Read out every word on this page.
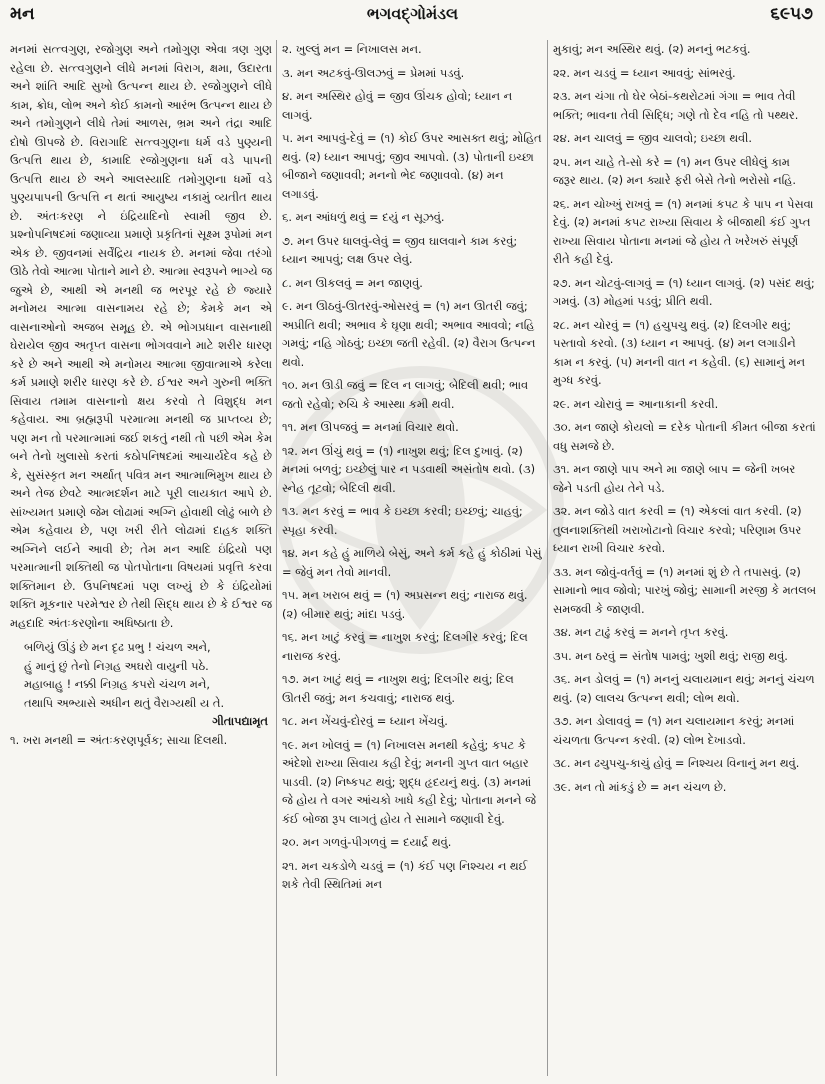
ભગવદ્ગોમંડલ
મન	૬૯૫૭

મનમાં સત્ત્વગુણ, રજોગુણ અને તમોગુણ એવા ત્રણ ગુણ રહેલા છે. સત્ત્વગુણને લીધે મનમાં વિરાગ, ક્ષમા, ઉદારતા અને શાંતિ આદિ સુખો ઉત્પન્ન થાય છે. રજોગુણને લીધે કામ, ક્રોધ, લોભ અને કોઈ કામનો આરંભ ઉત્પન્ન થાય છે અને તમોગુણને લીધે તેમાં આળસ, ભ્રમ અને તંદ્રા આદિ દોષો ઊપજે છે. વિરાગાદિ સત્ત્વગુણના ધર્મ વડે પુણ્યની ઉત્પત્તિ થાય છે, કામાદિ રજોગુણના ધર્મ વડે પાપની ઉત્પત્તિ થાય છે અને આલસ્યાદિ તમોગુણના ધર્મો વડે પુણ્યપાપની ઉત્પત્તિ ન થતાં આયુષ્ય નકામું વ્યતીત થાય છે. અંતઃકરણ ને ઇંદ્રિયાદિનો સ્વામી જીવ છે. પ્રશ્નોપનિષદમાં જણાવ્યા પ્રમાણે પ્રકૃતિનાં સૂક્ષ્મ રૂપોમાં મન એક છે. જીવનમાં સર્વેંદ્રિય નાયક છે. મનમાં જેવા તરંગો ઊઠે તેવો આત્મા પોતાને માને છે. આત્મા સ્વરૂપને ભાગ્યે જ જુએ છે, આથી એ મનથી જ ભરપૂર રહે છે જ્યારે મનોમય આત્મા વાસનામય રહે છે; કેમકે મન એ વાસનાઓનો અજબ સમૂહ છે. એ ભોગપ્રધાન વાસનાથી ઘેરાયેલ જીવ અતૃપ્ત વાસના ભોગવવાને માટે શરીર ધારણ કરે છે અને આથી એ મનોમય આત્મા જીવાત્માએ કરેલા કર્મ પ્રમાણે શરીર ધારણ કરે છે. ઈશ્વર અને ગુરુની ભક્તિ સિવાય તમામ વાસનાનો ક્ષય કરવો તે વિશુદ્ધ મન કહેવાય. આ બ્રહ્મરૂપી પરમાત્મા મનથી જ પ્રાપ્તવ્ય છે; પણ મન તો પરમાત્મામાં જઈ શકતું નથી તો પછી એમ કેમ બને તેનો ખુલાસો કરતાં કઠોપનિષદમાં આચાર્યદેવ કહે છે કે, સુસંસ્કૃત મન અર્થાત્ પવિત્ર મન આત્માભિમુખ થાય છે અને તેજ છેવટે આત્મદર્શન માટે પૂરી લાયકાત આપે છે. સાંખ્યમત પ્રમાણે જેમ લોઢામાં અગ્નિ હોવાથી લોઢું બાળે છે એમ કહેવાય છે, પણ ખરી રીતે લોઢામાં દાહક શક્તિ અગ્નિને લઈને આવી છે; તેમ મન આદિ ઇંદ્રિયો પણ પરમાત્માની શક્તિથી જ પોતપોતાના વિષયમાં પ્રવૃત્તિ કરવા શક્તિમાન છે. ઉપનિષદમાં પણ લખ્યું છે કે ઇંદ્રિયોમાં શક્તિ મૂકનાર પરમેશ્વર છે તેથી સિદ્ધ થાય છે કે ઈશ્વર જ મહદાદિ અંતઃકરણોના અધિષ્ઠાતા છે.

બળિયું ઊંડું છે મન દૃઢ પ્રભુ ! ચંચળ અને,
હું માનું છું તેનો નિગ્રહ અઘરો વાયુની પઠે.
મહાબાહુ ! નક્કી નિગ્રહ કપરો ચંચળ મને,
તથાપિ અભ્યાસે અધીન થતું વૈરાગ્યથી ય તે.
ગીતાપદ્યામૃત
૧. ખરા મનથી = અંતઃકરણપૂર્વક; સાચા દિલથી.
૨. ખુલ્લું મન = નિખાલસ મન.
૩. મન અટકવું-ઊલઝવું = પ્રેમમાં પડવું.
૪. મન અસ્થિર હોવું = જીવ ઊંચક હોવો; ધ્યાન ન લાગવું.
૫. મન આપવું-દેવું = (૧) કોઈ ઉપર આસક્ત થવું; મોહિત થવું. (૨) ધ્યાન આપવું; જીવ આપવો. (૩) પોતાની ઇચ્છા બીજાને જણાવવી; મનનો ભેદ જણાવવો. (૪) મન લગાડવું.
૬. મન આંધળું થવું = દયું ન સૂઝવું.
૭. મન ઉપર ધાલવું-લેવું = જીવ ઘાલવાને કામ કરવું; ધ્યાન આપવું; લક્ષ ઉપર લેવું.
૮. મન ઊકલવું = મન જાણવું.
૯. મન ઊઠવું-ઊતરવું-ઓસરવું = (૧) મન ઊતરી જવું; અપ્રીતિ થવી; અભાવ કે ઘૃણા થવી; અભાવ આવવો; નહિ ગમવું; નહિ ગોઠવું; ઇચ્છા જતી રહેવી. (૨) વૈરાગ ઉત્પન્ન થવો.
૧૦. મન ઊડી જવું = દિલ ન લાગવું; બેદિલી થવી; ભાવ જતો રહેવો; રુચિ કે આસ્થા કમી થવી.
૧૧. મન ઊપજવું = મનમાં વિચાર થવો.
૧૨. મન ઊંચું થવું = (૧) નાખુશ થવું; દિલ દુખાવું. (૨) મનમાં બળવું; ઇચ્છેલું પાર ન પડવાથી અસંતોષ થવો. (૩) સ્નેહ તૂટવો; બેદિલી થવી.
૧૩. મન કરવું = ભાવ કે ઇચ્છા કરવી; ઇચ્છવું; ચાહવું; સ્પૃહા કરવી.
૧૪. મન કહે હું માળિયે બેસું, અને કર્મ કહે હું કોઠીમાં પેસું = જેવું મન તેવો માનવી.
૧૫. મન ખરાબ થવું = (૧) અપ્રસન્ન થવું; નારાજ થવું. (૨) બીમાર થવું; માંદા પડવું.
૧૬. મન ખાટું કરવું = નાખુશ કરવું; દિલગીર કરવું; દિલ નારાજ કરવું.
૧૭. મન ખાટું થવું = નાખુશ થવું; દિલગીર થવું; દિલ ઊતરી જવું; મન કચવાવું; નારાજ થવું.
૧૮. મન ખેંચવું-દોરવું = ધ્યાન ખેંચવું.
૧૯. મન ખોલવું = (૧) નિખાલસ મનથી કહેવું; કપટ કે અંદેશો રાખ્યા સિવાય કહી દેવું; મનની ગુપ્ત વાત બહાર પાડવી. (૨) નિષ્કપટ થવું; શુદ્ધ હૃદયનું થવું. (૩) મનમાં જે હોય તે વગર આંચકો ખાધે કહી દેવું; પોતાના મનને જે કંઈ બોજા રૂપ લાગતું હોય તે સામાને જણાવી દેવું.
૨૦. મન ગળવું-પીગળવું = દયાર્દ્ર થવું.
૨૧. મન ચકડોળે ચડવું = (૧) કંઈ પણ નિશ્ચય ન થઈ શકે તેવી સ્થિતિમાં મન
મુકાવું; મન અસ્થિર થવું. (૨) મનનું ભટકવું.
૨૨. મન ચડવું = ધ્યાન આવવું; સાંભરવું.
૨૩. મન ચંગા તો ઘેર બેઠાં-કથરોટમાં ગંગા = ભાવ તેવી ભક્તિ; ભાવના તેવી સિદ્ધિ; ગણે તો દેવ નહિ તો પથ્થર.
૨૪. મન ચાલવું = જીવ ચાલવો; ઇચ્છા થવી.
૨૫. મન ચાહે તે-સો કરે = (૧) મન ઉપર લીધેલું કામ જરૂર થાય. (૨) મન ક્યારે ફરી બેસે તેનો ભરોસો નહિ.
૨૬. મન ચોખ્ખું રાખવું = (૧) મનમાં કપટ કે પાપ ન પેસવા દેવું. (૨) મનમાં કપટ રાખ્યા સિવાય કે બીજાથી કંઈ ગુપ્ત રાખ્યા સિવાય પોતાના મનમાં જે હોય તે ખરેખરું સંપૂર્ણ રીતે કહી દેવું.
૨૭. મન ચોટવું-લાગવું = (૧) ધ્યાન લાગવું. (૨) પસંદ થવું; ગમવું. (૩) મોહમાં પડવું; પ્રીતિ થવી.
૨૮. મન ચોરવું = (૧) હચુપચુ થવું. (૨) દિલગીર થવું; પસ્તાવો કરવો. (૩) ધ્યાન ન આપવું. (૪) મન લગાડીને કામ ન કરવું. (૫) મનની વાત ન કહેવી. (૬) સામાનું મન મુગ્ધ કરવું.
૨૯. મન ચોરાવું = આનાકાની કરવી.
૩૦. મન જાણે કોયલો = દરેક પોતાની કીમત બીજા કરતાં વધુ સમજે છે.
૩૧. મન જાણે પાપ અને મા જાણે બાપ = જેની ખબર જેને પડતી હોય તેને પડે.
૩૨. મન જોડે વાત કરવી = (૧) એકલાં વાત કરવી. (૨) તુલનાશક્તિથી ખરાખોટાનો વિચાર કરવો; પરિણામ ઉપર ધ્યાન રાખી વિચાર કરવો.
૩૩. મન જોવું-વર્તવું = (૧) મનમાં શું છે તે તપાસવું. (૨) સામાનો ભાવ જોવો; પારખું જોવું; સામાની મરજી કે મતલબ સમજવી કે જાણવી.
૩૪. મન ટાઢું કરવું = મનને તૃપ્ત કરવું.
૩૫. મન ઠરવું = સંતોષ પામવું; ખુશી થવું; રાજી થવું.
૩૬. મન ડોલવું = (૧) મનનું ચલાયમાન થવું; મનનું ચંચળ થવું. (૨) લાલચ ઉત્પન્ન થવી; લોભ થવો.
૩૭. મન ડોલાવવું = (૧) મન ચલાયમાન કરવું; મનમાં ચંચળતા ઉત્પન્ન કરવી. (૨) લોભ દેખાડવો.
૩૮. મન ઢચુપચુ-કાચું હોવું = નિશ્ચય વિનાનું મન થવું.
૩૯. મન તો માંકડું છે = મન ચંચળ છે.
